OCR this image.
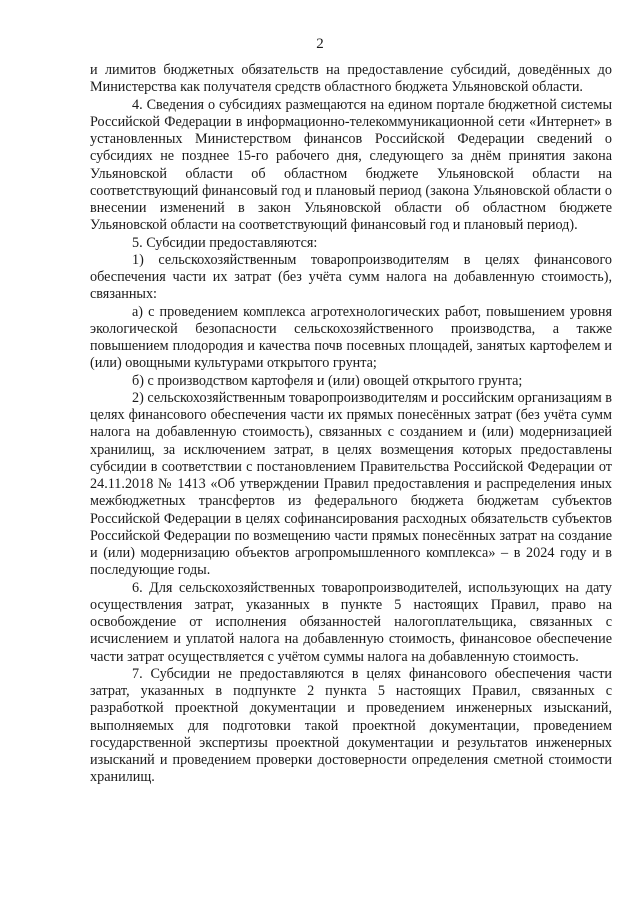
2

и лимитов бюджетных обязательств на предоставление субсидий, доведённых до Министерства как получателя средств областного бюджета Ульяновской области.

4. Сведения о субсидиях размещаются на едином портале бюджетной системы Российской Федерации в информационно-телекоммуникационной сети «Интернет» в установленных Министерством финансов Российской Федерации сведений о субсидиях не позднее 15-го рабочего дня, следующего за днём принятия закона Ульяновской области об областном бюджете Ульяновской области на соответствующий финансовый год и плановый период (закона Ульяновской области о внесении изменений в закон Ульяновской области об областном бюджете Ульяновской области на соответствующий финансовый год и плановый период).

5. Субсидии предоставляются:

1) сельскохозяйственным товаропроизводителям в целях финансового обеспечения части их затрат (без учёта сумм налога на добавленную стоимость), связанных:

а) с проведением комплекса агротехнологических работ, повышением уровня экологической безопасности сельскохозяйственного производства, а также повышением плодородия и качества почв посевных площадей, занятых картофелем и (или) овощными культурами открытого грунта;

б) с производством картофеля и (или) овощей открытого грунта;

2) сельскохозяйственным товаропроизводителям и российским организациям в целях финансового обеспечения части их прямых понесённых затрат (без учёта сумм налога на добавленную стоимость), связанных с созданием и (или) модернизацией хранилищ, за исключением затрат, в целях возмещения которых предоставлены субсидии в соответствии с постановлением Правительства Российской Федерации от 24.11.2018 № 1413 «Об утверждении Правил предоставления и распределения иных межбюджетных трансфертов из федерального бюджета бюджетам субъектов Российской Федерации в целях софинансирования расходных обязательств субъектов Российской Федерации по возмещению части прямых понесённых затрат на создание и (или) модернизацию объектов агропромышленного комплекса» – в 2024 году и в последующие годы.

6. Для сельскохозяйственных товаропроизводителей, использующих на дату осуществления затрат, указанных в пункте 5 настоящих Правил, право на освобождение от исполнения обязанностей налогоплательщика, связанных с исчислением и уплатой налога на добавленную стоимость, финансовое обеспечение части затрат осуществляется с учётом суммы налога на добавленную стоимость.

7. Субсидии не предоставляются в целях финансового обеспечения части затрат, указанных в подпункте 2 пункта 5 настоящих Правил, связанных с разработкой проектной документации и проведением инженерных изысканий, выполняемых для подготовки такой проектной документации, проведением государственной экспертизы проектной документации и результатов инженерных изысканий и проведением проверки достоверности определения сметной стоимости хранилищ.
